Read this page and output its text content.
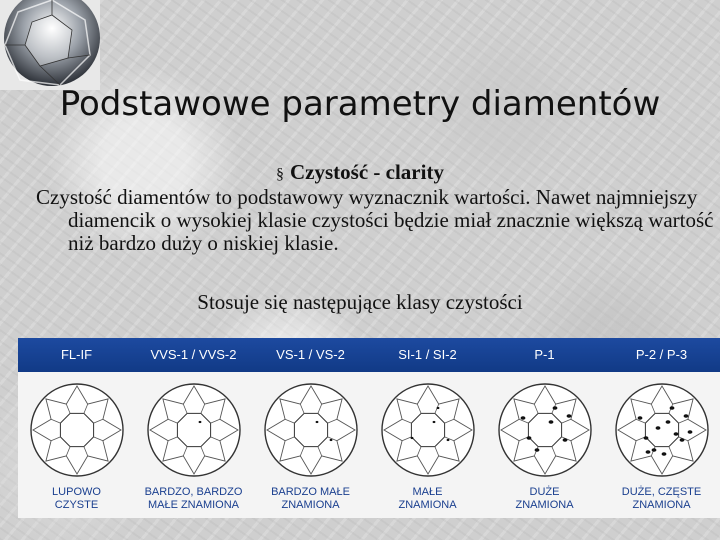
Podstawowe parametry diamentów
§ Czystość - clarity
Czystość diamentów to podstawowy wyznacznik wartości. Nawet najmniejszy diamencik o wysokiej klasie czystości będzie miał znacznie większą wartość niż bardzo duży o niskiej klasie.
Stosuje się następujące klasy czystości
FL-IF
LUPOWO
CZYSTE
VVS-1 / VVS-2
BARDZO, BARDZO
MAŁE ZNAMIONA
VS-1 / VS-2
BARDZO MAŁE
ZNAMIONA
SI-1 / SI-2
MAŁE
ZNAMIONA
P-1
DUŻE
ZNAMIONA
P-2 / P-3
DUŻE, CZĘSTE
ZNAMIONA
